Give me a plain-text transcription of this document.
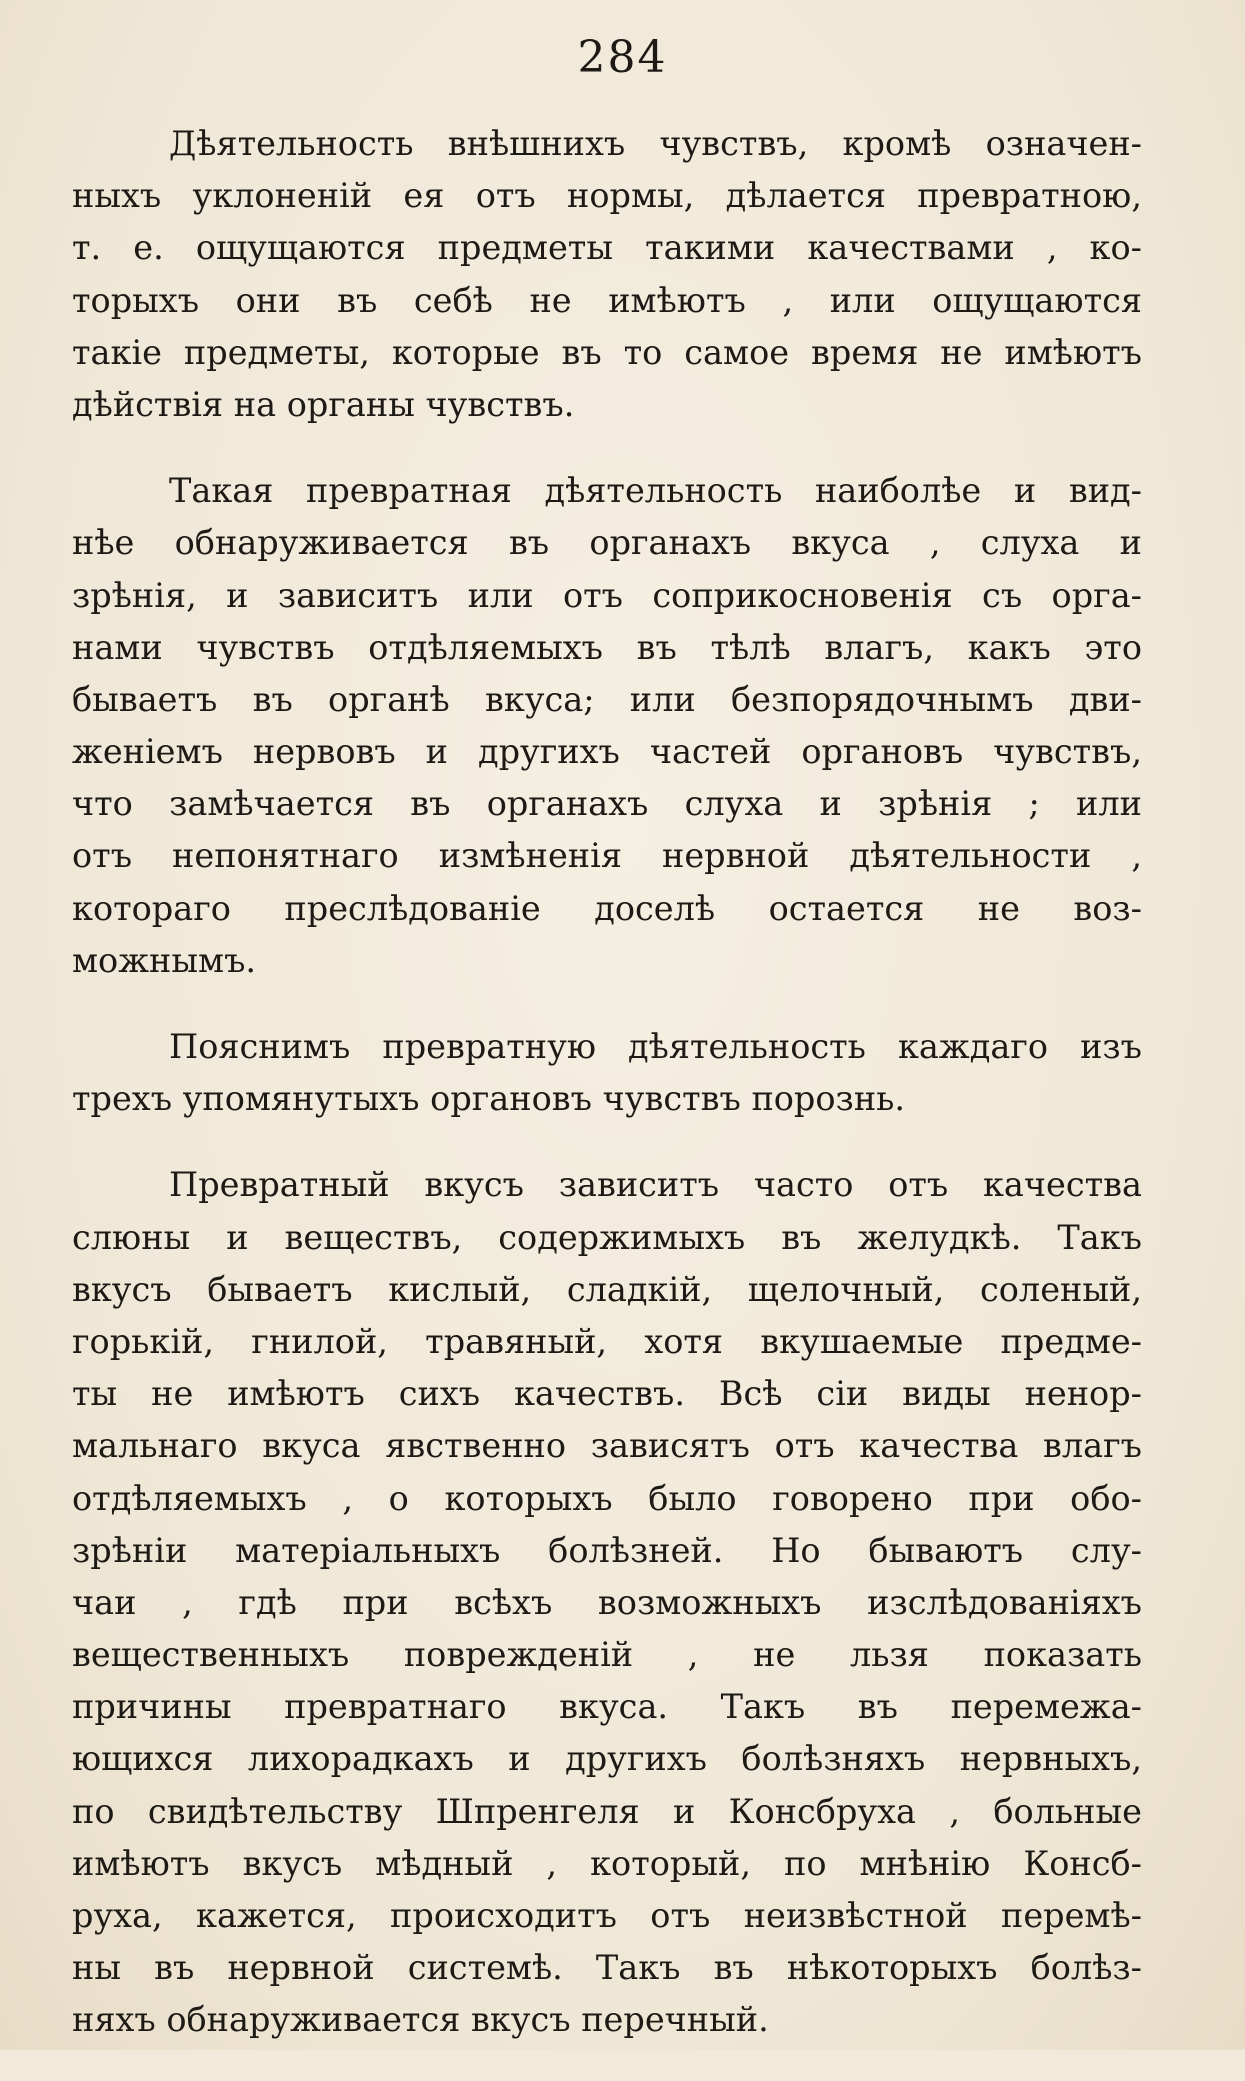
284
Дѣятельность внѣшнихъ чувствъ, кромѣ означен-
ныхъ уклоненій ея отъ нормы, дѣлается превратною,
т. е. ощущаются предметы такими качествами , ко-
торыхъ они въ себѣ не имѣютъ , или ощущаются
такіе предметы, которые въ то самое время не имѣютъ
дѣйствія на органы чувствъ.
Такая превратная дѣятельность наиболѣе и вид-
нѣе обнаруживается въ органахъ вкуса , слуха и
зрѣнія, и зависитъ или отъ соприкосновенія съ орга-
нами чувствъ отдѣляемыхъ въ тѣлѣ влагъ, какъ это
бываетъ въ органѣ вкуса; или безпорядочнымъ дви-
женіемъ нервовъ и другихъ частей органовъ чувствъ,
что замѣчается въ органахъ слуха и зрѣнія ; или
отъ непонятнаго измѣненія нервной дѣятельности ,
котораго преслѣдованіе доселѣ остается не воз-
можнымъ.
Пояснимъ превратную дѣятельность каждаго изъ
трехъ упомянутыхъ органовъ чувствъ порознь.
Превратный вкусъ зависитъ часто отъ качества
слюны и веществъ, содержимыхъ въ желудкѣ. Такъ
вкусъ бываетъ кислый, сладкій, щелочный, соленый,
горькій, гнилой, травяный, хотя вкушаемые предме-
ты не имѣютъ сихъ качествъ. Всѣ сіи виды ненор-
мальнаго вкуса явственно зависятъ отъ качества влагъ
отдѣляемыхъ , о которыхъ было говорено при обо-
зрѣніи матеріальныхъ болѣзней. Но бываютъ слу-
чаи , гдѣ при всѣхъ возможныхъ изслѣдованіяхъ
вещественныхъ поврежденій , не льзя показать
причины превратнаго вкуса. Такъ въ перемежа-
ющихся лихорадкахъ и другихъ болѣзняхъ нервныхъ,
по свидѣтельству Шпренгеля и Консбруха , больные
имѣютъ вкусъ мѣдный , который, по мнѣнію Консб-
руха, кажется, происходитъ отъ неизвѣстной перемѣ-
ны въ нервной системѣ. Такъ въ нѣкоторыхъ болѣз-
няхъ обнаруживается вкусъ перечный.
